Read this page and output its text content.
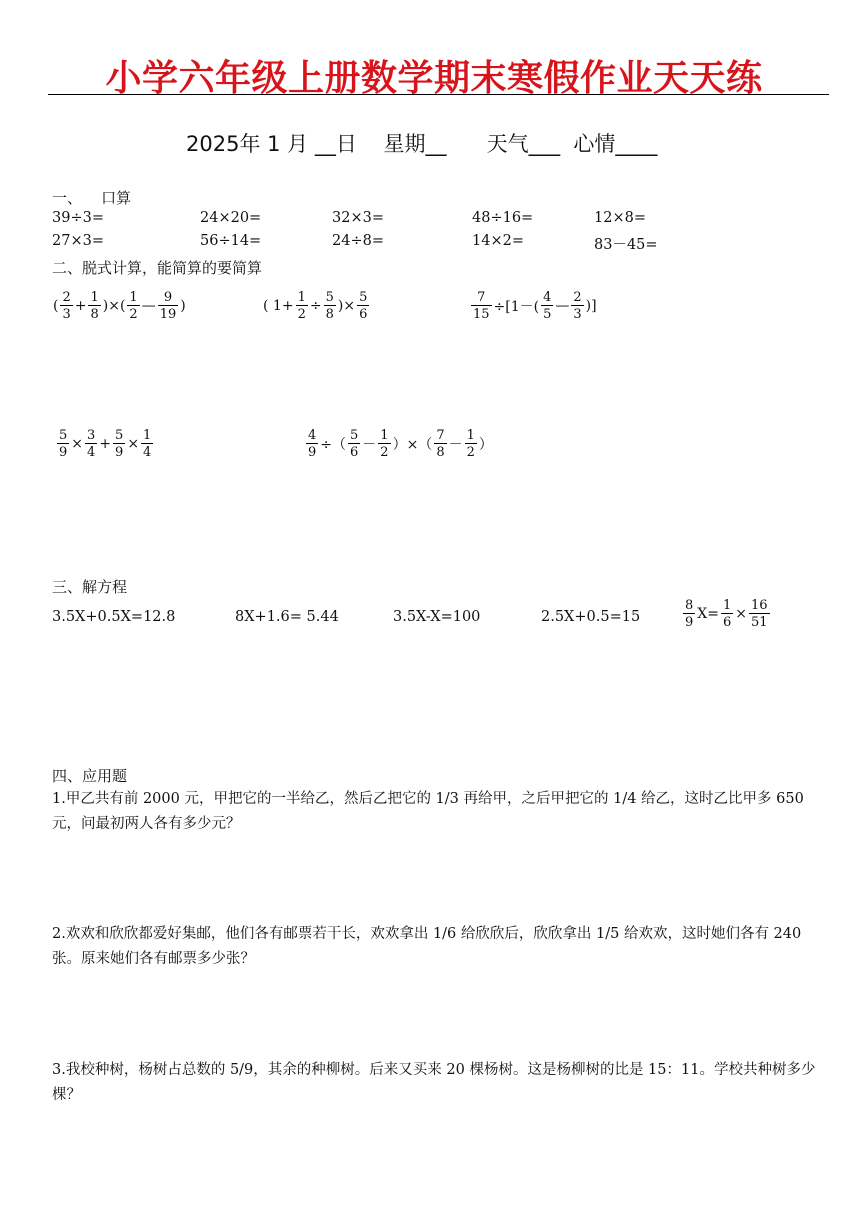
小学六年级上册数学期末寒假作业天天练
2025年 1 月 __日    星期__      天气___  心情____
一、    口算
39÷3=	24×20=	32×3=	48÷16=	12×8=
27×3=	56÷14=	24÷8=	14×2=	83－45=
二、脱式计算，能简算的要简算
( $\frac{2}{3} + \frac{1}{8}$ )×( $\frac{1}{2}$ — $\frac{9}{19}$ )	( $1+ \frac{1}{2} \div \frac{5}{8}$ )× $\frac{5}{6}$	$\frac{7}{15} \div[1-( \frac{4}{5}$ — $\frac{2}{3}$ )]
$\frac{5}{9} \times \frac{3}{4} + \frac{5}{9} \times \frac{1}{4}$	$\frac{4}{9}$ ÷（ $\frac{5}{6} - \frac{1}{2}$ ）×（ $\frac{7}{8} - \frac{1}{2}$ ）
三、解方程
3.5X+0.5X=12.8	8X+1.6= 5.44	3.5X-X=100	2.5X+0.5=15	$\frac{8}{9} X= \frac{1}{6} \times \frac{16}{51}$
四、应用题
1.甲乙共有前 2000 元，甲把它的一半给乙，然后乙把它的 1/3 再给甲，之后甲把它的 1/4 给乙，这时乙比甲多 650 元，问最初两人各有多少元？
2.欢欢和欣欣都爱好集邮，他们各有邮票若干长，欢欢拿出 1/6 给欣欣后，欣欣拿出 1/5 给欢欢，这时她们各有 240 张。原来她们各有邮票多少张？
3.我校种树，杨树占总数的 5/9，其余的种柳树。后来又买来 20 棵杨树。这是杨柳树的比是 15：11。学校共种树多少棵？
